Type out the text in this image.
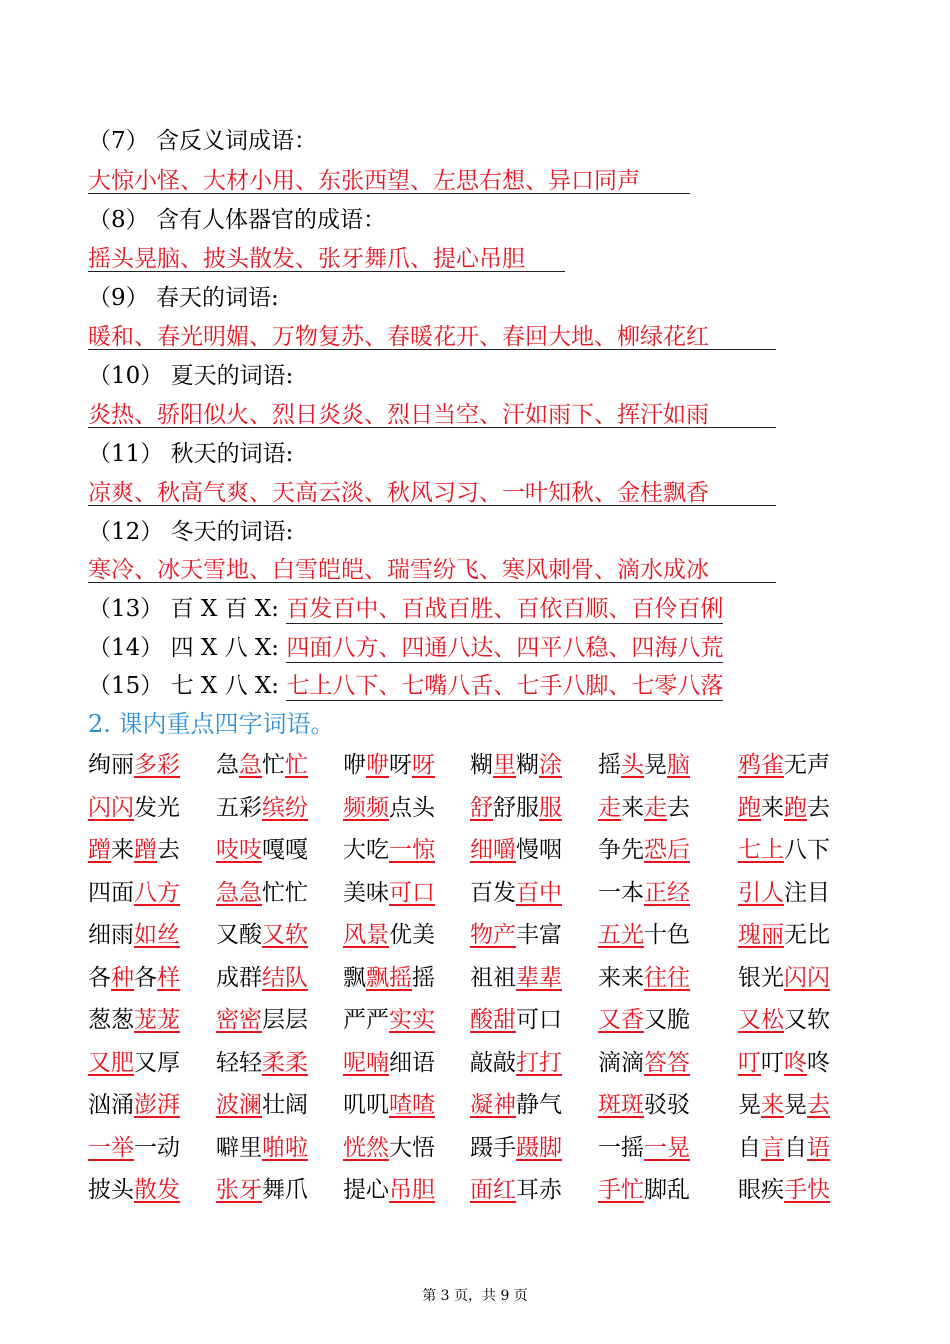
（7） 含反义词成语：
大惊小怪、大材小用、东张西望、左思右想、异口同声
（8） 含有人体器官的成语：
摇头晃脑、披头散发、张牙舞爪、提心吊胆
（9） 春天的词语:
暖和、春光明媚、万物复苏、春暖花开、春回大地、柳绿花红
（10） 夏天的词语:
炎热、骄阳似火、烈日炎炎、烈日当空、汗如雨下、挥汗如雨
（11） 秋天的词语:
凉爽、秋高气爽、天高云淡、秋风习习、一叶知秋、金桂飘香
（12） 冬天的词语:
寒冷、冰天雪地、白雪皑皑、瑞雪纷飞、寒风刺骨、滴水成冰
（13） 百 X 百 X: 百发百中、百战百胜、百依百顺、百伶百俐
（14） 四 X 八 X: 四面八方、四通八达、四平八稳、四海八荒
（15） 七 X 八 X: 七上八下、七嘴八舌、七手八脚、七零八落
2. 课内重点四字词语。
绚丽多彩 急急忙忙 咿咿呀呀 糊里糊涂 摇头晃脑 鸦雀无声
闪闪发光 五彩缤纷 频频点头 舒舒服服 走来走去 跑来跑去
蹭来蹭去 吱吱嘎嘎 大吃一惊 细嚼慢咽 争先恐后 七上八下
四面八方 急急忙忙 美味可口 百发百中 一本正经 引人注目
细雨如丝 又酸又软 风景优美 物产丰富 五光十色 瑰丽无比
各种各样 成群结队 飘飘摇摇 祖祖辈辈 来来往往 银光闪闪
葱葱茏茏 密密层层 严严实实 酸甜可口 又香又脆 又松又软
又肥又厚 轻轻柔柔 呢喃细语 敲敲打打 滴滴答答 叮叮咚咚
汹涌澎湃 波澜壮阔 叽叽喳喳 凝神静气 斑斑驳驳 晃来晃去
一举一动 噼里啪啦 恍然大悟 蹑手蹑脚 一摇一晃 自言自语
披头散发 张牙舞爪 提心吊胆 面红耳赤 手忙脚乱 眼疾手快
第 3 页，共 9 页
